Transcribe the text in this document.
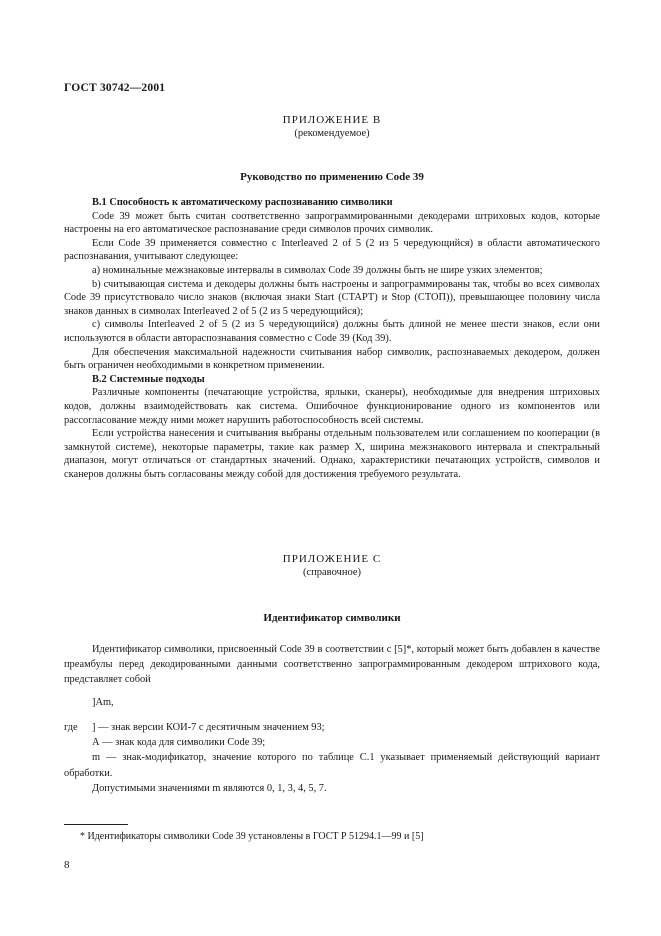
ГОСТ 30742—2001
ПРИЛОЖЕНИЕ В
(рекомендуемое)
Руководство по применению Code 39

В.1 Способность к автоматическому распознаванию символики

Code 39 может быть считан соответственно запрограммированными декодерами штриховых кодов, которые настроены на его автоматическое распознавание среди символов прочих символик.

Если Code 39 применяется совместно с Interleaved 2 of 5 (2 из 5 чередующийся) в области автоматического распознавания, учитывают следующее:

а) номинальные межзнаковые интервалы в символах Code 39 должны быть не шире узких элементов;

b) считывающая система и декодеры должны быть настроены и запрограммированы так, чтобы во всех символах Code 39 присутствовало число знаков (включая знаки Start (СТАРТ) и Stop (СТОП)), превышающее половину числа знаков данных в символах Interleaved 2 of 5 (2 из 5 чередующийся);

с) символы Interleaved 2 of 5 (2 из 5 чередующийся) должны быть длиной не менее шести знаков, если они используются в области автораспознавания совместно с Code 39 (Код 39).

Для обеспечения максимальной надежности считывания набор символик, распознаваемых декодером, должен быть ограничен необходимыми в конкретном применении.

В.2 Системные подходы

Различные компоненты (печатающие устройства, ярлыки, сканеры), необходимые для внедрения штриховых кодов, должны взаимодействовать как система. Ошибочное функционирование одного из компонентов или рассогласование между ними может нарушить работоспособность всей системы.

Если устройства нанесения и считывания выбраны отдельным пользователем или соглашением по кооперации (в замкнутой системе), некоторые параметры, такие как размер X, ширина межзнакового интервала и спектральный диапазон, могут отличаться от стандартных значений. Однако, характеристики печатающих устройств, символов и сканеров должны быть согласованы между собой для достижения требуемого результата.

ПРИЛОЖЕНИЕ С
(справочное)
Идентификатор символики

Идентификатор символики, присвоенный Code 39 в соответствии с [5]*, который может быть добавлен в качестве преамбулы перед декодированными данными соответственно запрограммированным декодером штрихового кода, представляет собой

]Am,

где	] — знак версии КОИ-7 с десятичным значением 93;

А — знак кода для символики Code 39;

m — знак-модификатор, значение которого по таблице С.1 указывает применяемый действующий вариант обработки.

Допустимыми значениями m являются 0, 1, 3, 4, 5, 7.

* Идентификаторы символики Code 39 установлены в ГОСТ Р 51294.1—99 и [5]
8
